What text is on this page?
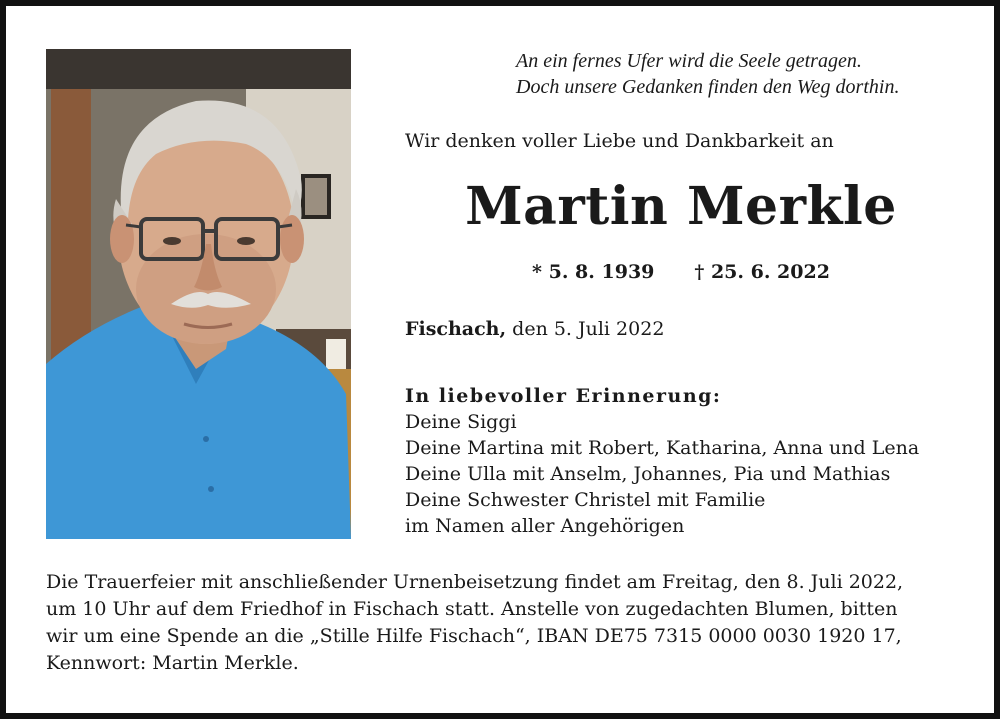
An ein fernes Ufer wird die Seele getragen.
Doch unsere Gedanken finden den Weg dorthin.
Wir denken voller Liebe und Dankbarkeit an
Martin Merkle
* 5. 8. 1939 † 25. 6. 2022
Fischach, den 5. Juli 2022
In liebevoller Erinnerung:
Deine Siggi
Deine Martina mit Robert, Katharina, Anna und Lena
Deine Ulla mit Anselm, Johannes, Pia und Mathias
Deine Schwester Christel mit Familie
im Namen aller Angehörigen
Die Trauerfeier mit anschließender Urnenbeisetzung findet am Freitag, den 8. Juli 2022,
um 10 Uhr auf dem Friedhof in Fischach statt. Anstelle von zugedachten Blumen, bitten
wir um eine Spende an die „Stille Hilfe Fischach“, IBAN DE75 7315 0000 0030 1920 17,
Kennwort: Martin Merkle.
